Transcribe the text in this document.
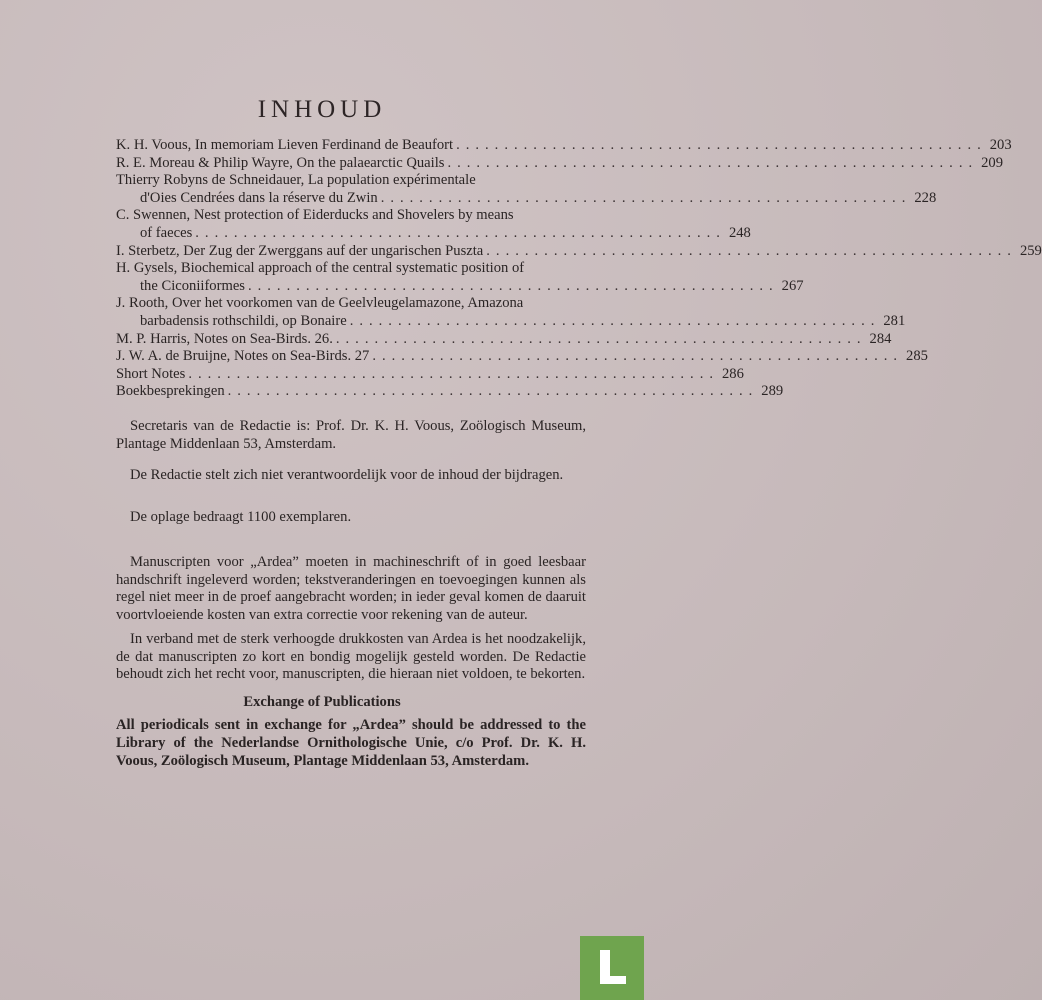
INHOUD
K. H. Voous, In memoriam Lieven Ferdinand de Beaufort ....................................................... 203
R. E. Moreau & Philip Wayre, On the palaearctic Quails ....................................................... 209
Thierry Robyns de Schneidauer, La population expérimentale
d'Oies Cendrées dans la réserve du Zwin ....................................................... 228
C. Swennen, Nest protection of Eiderducks and Shovelers by means
of faeces ....................................................... 248
I. Sterbetz, Der Zug der Zwerggans auf der ungarischen Puszta ....................................................... 259
H. Gysels, Biochemical approach of the central systematic position of
the Ciconiiformes ....................................................... 267
J. Rooth, Over het voorkomen van de Geelvleugelamazone, Amazona
barbadensis rothschildi, op Bonaire ....................................................... 281
M. P. Harris, Notes on Sea-Birds. 26. ....................................................... 284
J. W. A. de Bruijne, Notes on Sea-Birds. 27 ....................................................... 285
Short Notes ....................................................... 286
Boekbesprekingen ....................................................... 289

Secretaris van de Redactie is: Prof. Dr. K. H. Voous, Zoölogisch Museum, Plantage Middenlaan 53, Amsterdam.

De Redactie stelt zich niet verantwoordelijk voor de inhoud der bijdragen.

De oplage bedraagt 1100 exemplaren.

Manuscripten voor „Ardea” moeten in machineschrift of in goed leesbaar handschrift ingeleverd worden; tekstveranderingen en toevoegingen kunnen als regel niet meer in de proef aangebracht worden; in ieder geval komen de daaruit voortvloeiende kosten van extra correctie voor rekening van de auteur.

In verband met de sterk verhoogde drukkosten van Ardea is het noodzakelijk, de dat manuscripten zo kort en bondig mogelijk gesteld worden. De Redactie behoudt zich het recht voor, manuscripten, die hieraan niet voldoen, te bekorten.

Exchange of Publications
All periodicals sent in exchange for „Ardea” should be addressed to the Library of the Nederlandse Ornithologische Unie, c/o Prof. Dr. K. H. Voous, Zoölogisch Museum, Plantage Middenlaan 53, Amsterdam.
